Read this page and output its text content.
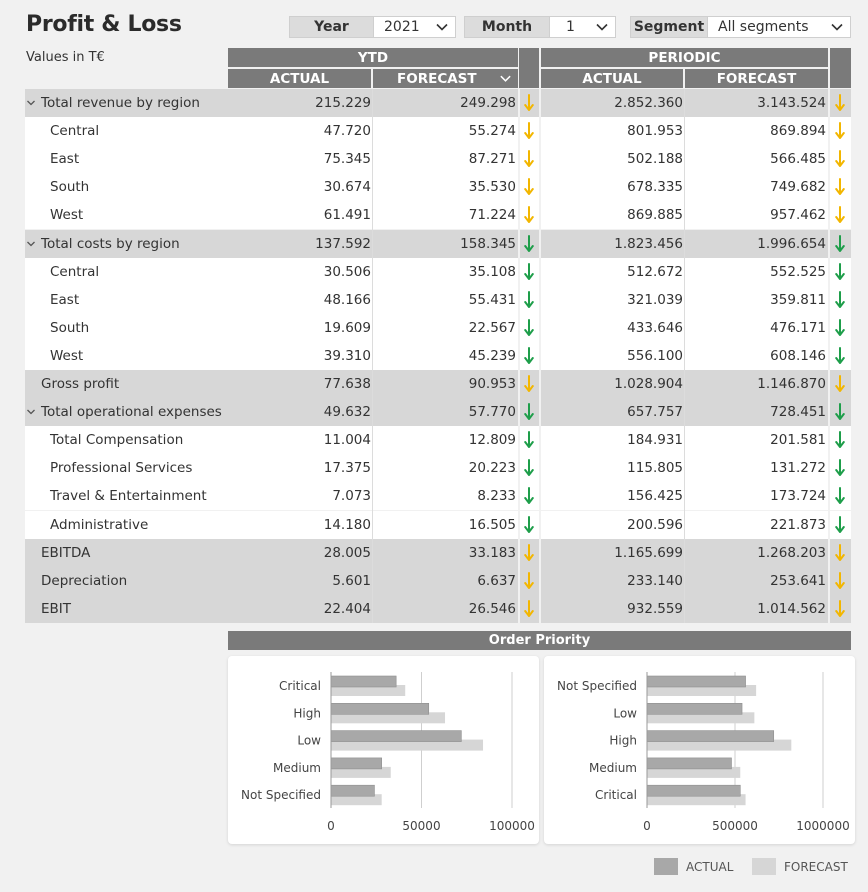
Profit & Loss	Year	2021	Month	1	Segment All segments
Values in T€	YTD
ACTUAL	FORECAST
PERIODIC
ACTUAL	FORECAST
Total revenue by region	215.229	249.298	2.852.360	3.143.524
Central	47.720	55.274	801.953	869.894
East	75.345	87.271	502.188	566.485
South	30.674	35.530	678.335	749.682
West	61.491	71.224	869.885	957.462
Total costs by region	137.592	158.345	1.823.456	1.996.654
Central	30.506	35.108	512.672	552.525
East	48.166	55.431	321.039	359.811
South	19.609	22.567	433.646	476.171
West	39.310	45.239	556.100	608.146
Gross profit	77.638	90.953	1.028.904	1.146.870
Total operational expenses	49.632	57.770	657.757	728.451
Total Compensation	11.004	12.809	184.931	201.581
Professional Services	17.375	20.223	115.805	131.272
Travel & Entertainment	7.073	8.233	156.425	173.724
Administrative	14.180	16.505	200.596	221.873
EBITDA	28.005	33.183	1.165.699	1.268.203
Depreciation	5.601	6.637	233.140	253.641
EBIT	22.404	26.546	932.559	1.014.562
Order Priority
0	50000	100000
Critical
High
Low
Medium
Not Specified
0	500000	1000000
Not Specified
Low
High
Medium
Critical
ACTUAL	FORECAST
